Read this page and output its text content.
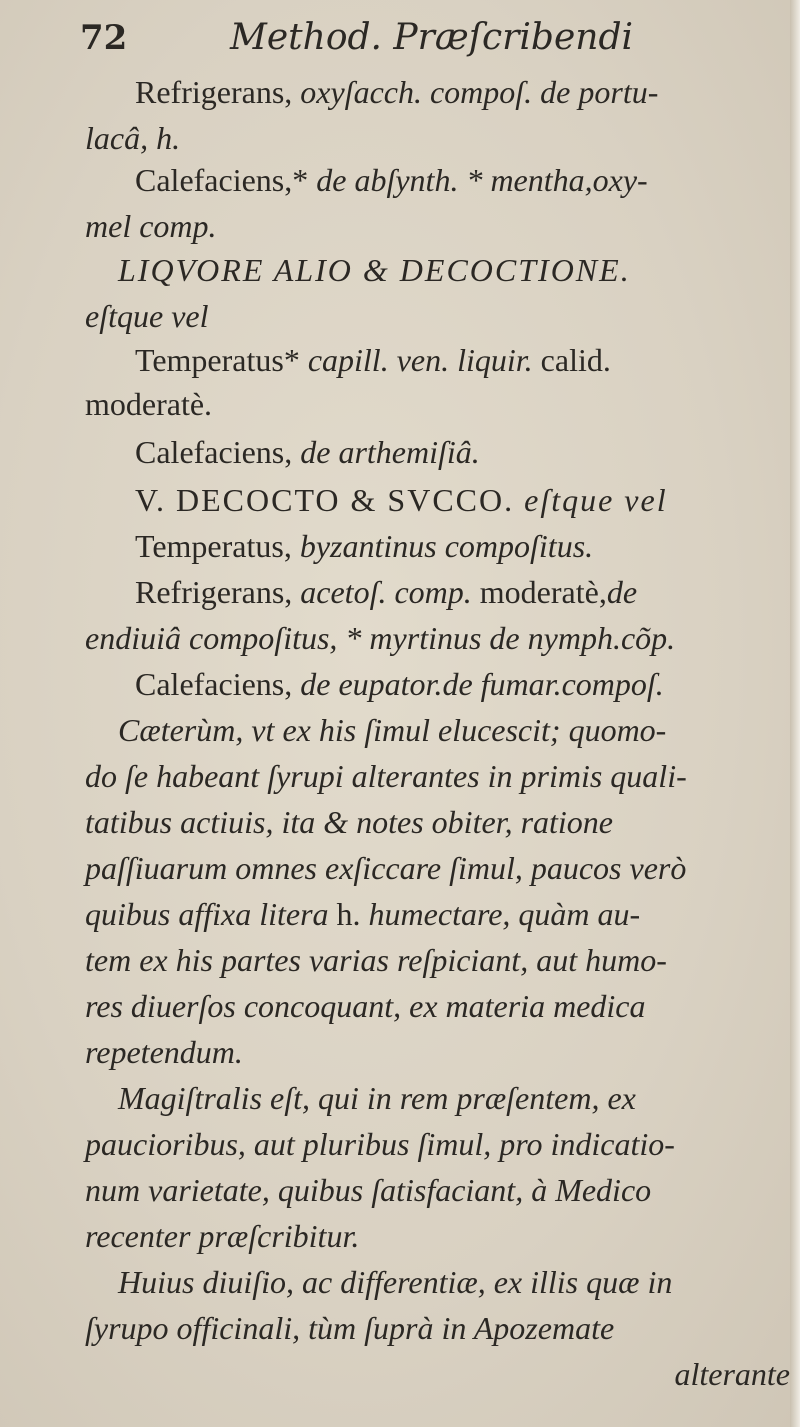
72	Method. Præſcribendi
Refrigerans, oxyſacch. compoſ. de portu-
lacâ, h.
Calefaciens,* de abſynth. * mentha,oxy-
mel comp.
LIQVORE ALIO & DECOCTIONE.
eſtque vel
Temperatus* capill. ven. liquir. calid.
moderatè.
Calefaciens, de arthemiſiâ.
V. DECOCTO & SVCCO. eſtque vel
Temperatus, byzantinus compoſitus.
Refrigerans, acetoſ. comp. moderatè,de
endiuiâ compoſitus, * myrtinus de nymph.cõp.
Calefaciens, de eupator.de fumar.compoſ.
Cæterùm, vt ex his ſimul elucescit; quomo-
do ſe habeant ſyrupi alterantes in primis quali-
tatibus actiuis, ita & notes obiter, ratione
paſſiuarum omnes exſiccare ſimul, paucos verò
quibus affixa litera h. humectare, quàm au-
tem ex his partes varias reſpiciant, aut humo-
res diuerſos concoquant, ex materia medica
repetendum.
Magiſtralis eſt, qui in rem præſentem, ex
paucioribus, aut pluribus ſimul, pro indicatio-
num varietate, quibus ſatisfaciant, à Medico
recenter præſcribitur.
Huius diuiſio, ac differentiæ, ex illis quæ in
ſyrupo officinali, tùm ſuprà in Apozemate
alterante
